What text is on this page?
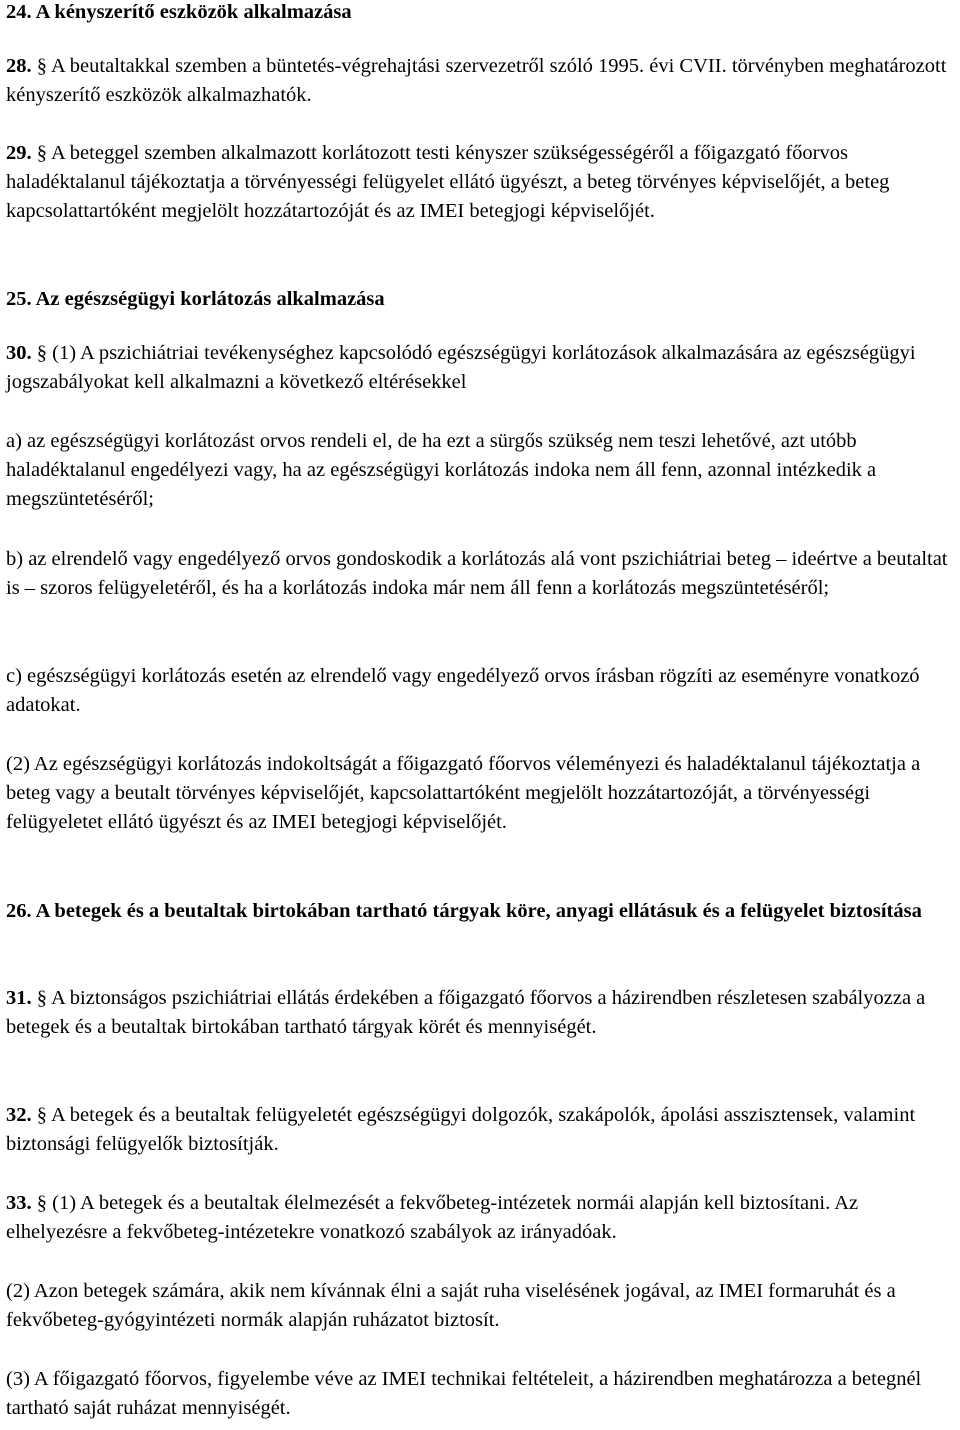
24. A kényszerítő eszközök alkalmazása

28. § A beutaltakkal szemben a büntetés-végrehajtási szervezetről szóló 1995. évi CVII. törvényben meghatározott kényszerítő eszközök alkalmazhatók.

29. § A beteggel szemben alkalmazott korlátozott testi kényszer szükségességéről a főigazgató főorvos haladéktalanul tájékoztatja a törvényességi felügyelet ellátó ügyészt, a beteg törvényes képviselőjét, a beteg kapcsolattartóként megjelölt hozzátartozóját és az IMEI betegjogi képviselőjét.

25. Az egészségügyi korlátozás alkalmazása

30. § (1) A pszichiátriai tevékenységhez kapcsolódó egészségügyi korlátozások alkalmazására az egészségügyi jogszabályokat kell alkalmazni a következő eltérésekkel

a) az egészségügyi korlátozást orvos rendeli el, de ha ezt a sürgős szükség nem teszi lehetővé, azt utóbb haladéktalanul engedélyezi vagy, ha az egészségügyi korlátozás indoka nem áll fenn, azonnal intézkedik a megszüntetéséről;

b) az elrendelő vagy engedélyező orvos gondoskodik a korlátozás alá vont pszichiátriai beteg – ideértve a beutaltat is – szoros felügyeletéről, és ha a korlátozás indoka már nem áll fenn a korlátozás megszüntetéséről;

c) egészségügyi korlátozás esetén az elrendelő vagy engedélyező orvos írásban rögzíti az eseményre vonatkozó adatokat.

(2) Az egészségügyi korlátozás indokoltságát a főigazgató főorvos véleményezi és haladéktalanul tájékoztatja a beteg vagy a beutalt törvényes képviselőjét, kapcsolattartóként megjelölt hozzátartozóját, a törvényességi felügyeletet ellátó ügyészt és az IMEI betegjogi képviselőjét.

26. A betegek és a beutaltak birtokában tartható tárgyak köre, anyagi ellátásuk és a felügyelet biztosítása

31. § A biztonságos pszichiátriai ellátás érdekében a főigazgató főorvos a házirendben részletesen szabályozza a betegek és a beutaltak birtokában tartható tárgyak körét és mennyiségét.

32. § A betegek és a beutaltak felügyeletét egészségügyi dolgozók, szakápolók, ápolási asszisztensek, valamint biztonsági felügyelők biztosítják.

33. § (1) A betegek és a beutaltak élelmezését a fekvőbeteg-intézetek normái alapján kell biztosítani. Az elhelyezésre a fekvőbeteg-intézetekre vonatkozó szabályok az irányadóak.

(2) Azon betegek számára, akik nem kívánnak élni a saját ruha viselésének jogával, az IMEI formaruhát és a fekvőbeteg-gyógyintézeti normák alapján ruházatot biztosít.

(3) A főigazgató főorvos, figyelembe véve az IMEI technikai feltételeit, a házirendben meghatározza a betegnél tartható saját ruházat mennyiségét.
